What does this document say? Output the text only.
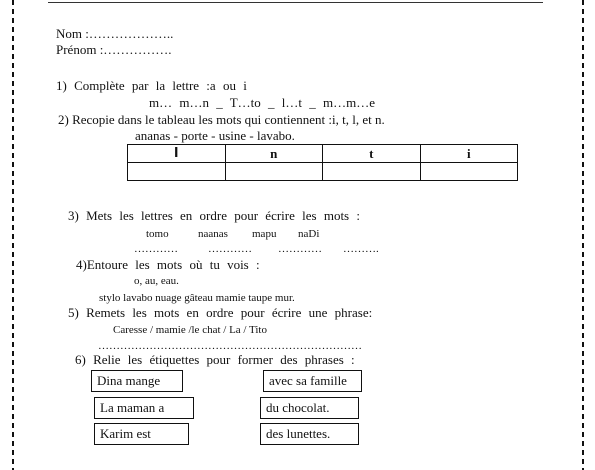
Nom :………………..
Prénom :…………….
1) Complète par la lettre :a ou i
m… m…n _ T…to _ l…t _ m…m…e
2) Recopie dans le tableau les mots qui contiennent :i, t, l, et n.
ananas - porte - usine - lavabo.
l	n	t	i

3) Mets les lettres en ordre pour écrire les mots :
tomo	naanas mapu naDi
…………	………… ………… ……….
4)Entoure les mots où tu vois :
o, au, eau.
stylo lavabo nuage gâteau mamie taupe mur.
5) Remets les mots en ordre pour écrire une phrase:
Caresse / mamie /le chat / La / Tito
………………………………………………………………
6) Relie les étiquettes pour former des phrases :
Dina mange
La maman a
Karim est
avec sa famille
du chocolat.
des lunettes.
